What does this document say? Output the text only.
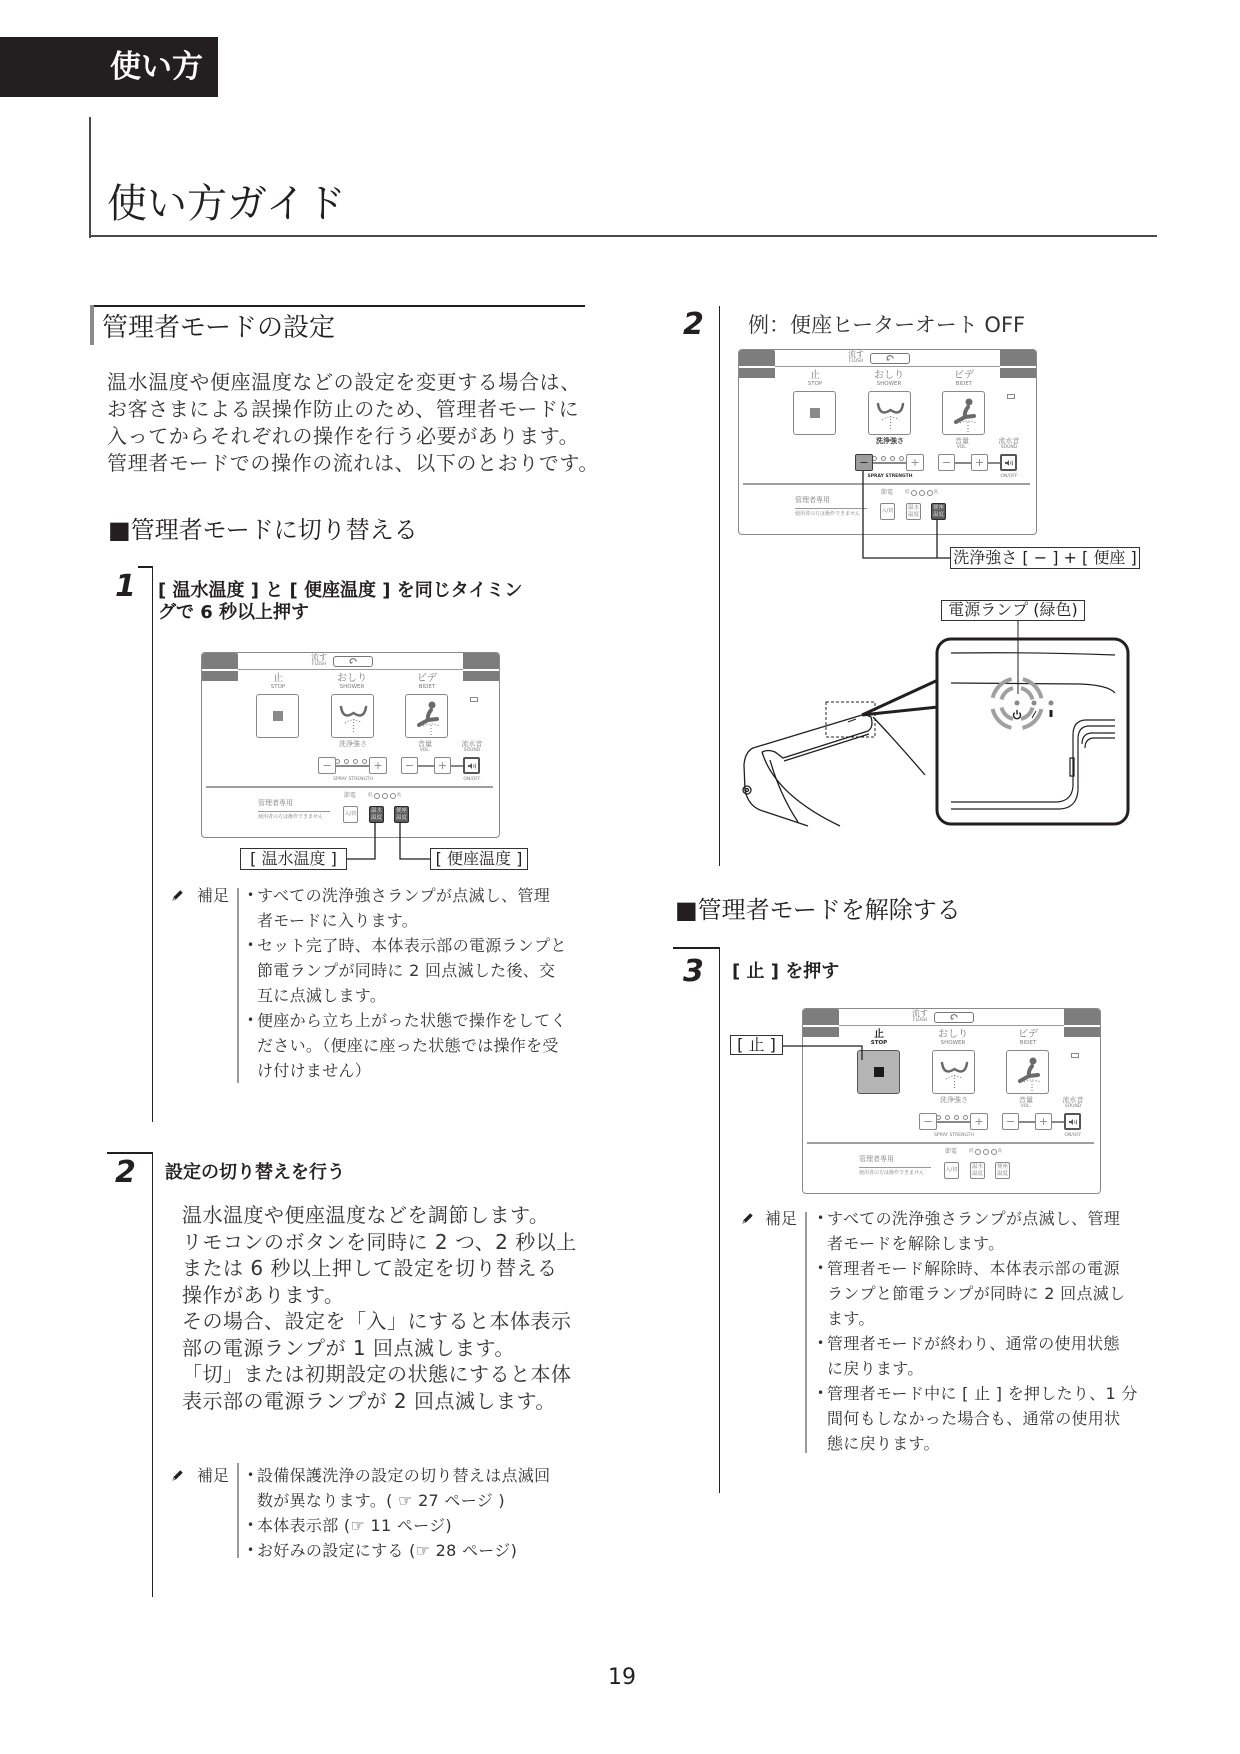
使い方
使い方ガイド
管理者モードの設定
温水温度や便座温度などの設定を変更する場合は、
お客さまによる誤操作防止のため、管理者モードに
入ってからそれぞれの操作を行う必要があります。
管理者モードでの操作の流れは、以下のとおりです。
■管理者モードに切り替える
1 [ 温水温度 ] と [ 便座温度 ] を同じタイミン
グで 6 秒以上押す
流す
FLUSH
止
STOP
おしり
SHOWER
ビデ
BIDET
洗浄強さ
−	+
SPRAY STRENGTH
音量
VOL.
−	+
流水音
SOUND
ON/OFF
管理者専用
使用者の方は操作できません
節電	低	高
入/切
温水
温度
便座
温度
[ 温水温度 ]	[ 便座温度 ]
補足	• すべての洗浄強さランプが点滅し、管理
者モードに入ります。
• セット完了時、本体表示部の電源ランプと
節電ランプが同時に 2 回点滅した後、交
互に点滅します。
• 便座から立ち上がった状態で操作をしてく
ださい。（便座に座った状態では操作を受
け付けません）
2 設定の切り替えを行う
温水温度や便座温度などを調節します。
リモコンのボタンを同時に 2 つ、2 秒以上
または 6 秒以上押して設定を切り替える
操作があります。
その場合、設定を「入」にすると本体表示
部の電源ランプが 1 回点滅します。
「切」または初期設定の状態にすると本体
表示部の電源ランプが 2 回点滅します。
補足	• 設備保護洗浄の設定の切り替えは点滅回
数が異なります。( ☞ 27 ページ )
• 本体表示部 (☞ 11 ページ)
• お好みの設定にする (☞ 28 ページ)
2 例：便座ヒーターオート OFF
流す
FLUSH
止
STOP
おしり
SHOWER
ビデ
BIDET
洗浄強さ
−	+
SPRAY STRENGTH
音量
VOL.
−	+
流水音
SOUND
ON/OFF
管理者専用
使用者の方は操作できません
節電	低	高
入/切
温水
温度
便座
温度
洗浄強さ [ − ] + [ 便座 ]
電源ランプ (緑色)
■管理者モードを解除する
3 [ 止 ] を押す
流す
FLUSH
止
STOP
おしり
SHOWER
ビデ
BIDET
洗浄強さ
−	+
SPRAY STRENGTH
音量
VOL.
−	+
流水音
SOUND
ON/OFF
管理者専用
使用者の方は操作できません
節電	低	高
入/切
温水
温度
便座
温度
[ 止 ]
補足	• すべての洗浄強さランプが点滅し、管理
者モードを解除します。
• 管理者モード解除時、本体表示部の電源
ランプと節電ランプが同時に 2 回点滅し
ます。
• 管理者モードが終わり、通常の使用状態
に戻ります。
• 管理者モード中に [ 止 ] を押したり、1 分
間何もしなかった場合も、通常の使用状
態に戻ります。
19
